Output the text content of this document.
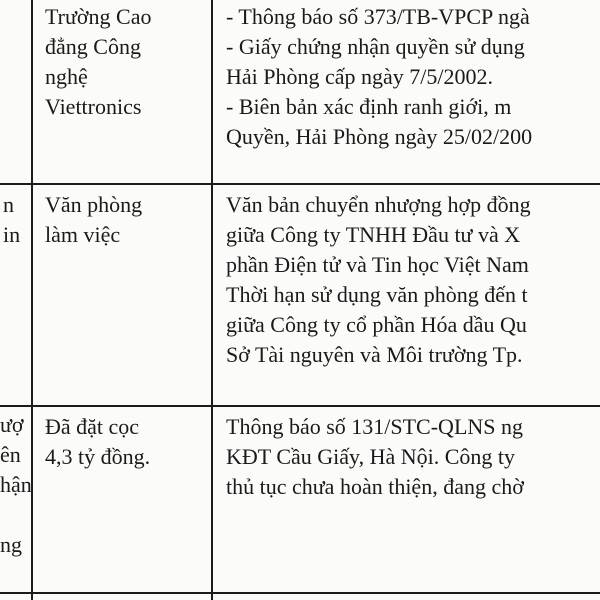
Trường Cao
đẳng Công
nghệ
Viettronics
- Thông báo số 373/TB-VPCP ngà
- Giấy chứng nhận quyền sử dụng
Hải Phòng cấp ngày 7/5/2002.
- Biên bản xác định ranh giới, m
Quyền, Hải Phòng ngày 25/02/200
n
in
Văn phòng
làm việc
Văn bản chuyển nhượng hợp đồng
giữa Công ty TNHH Đầu tư và X
phần Điện tử và Tin học Việt Nam
Thời hạn sử dụng văn phòng đến t
giữa Công ty cổ phần Hóa dầu Qu
Sở Tài nguyên và Môi trường Tp.
ượ
ên
hận
ng
Đã đặt cọc
4,3 tỷ đồng.
Thông báo số 131/STC-QLNS ng
KĐT Cầu Giấy, Hà Nội. Công ty
thủ tục chưa hoàn thiện, đang chờ
